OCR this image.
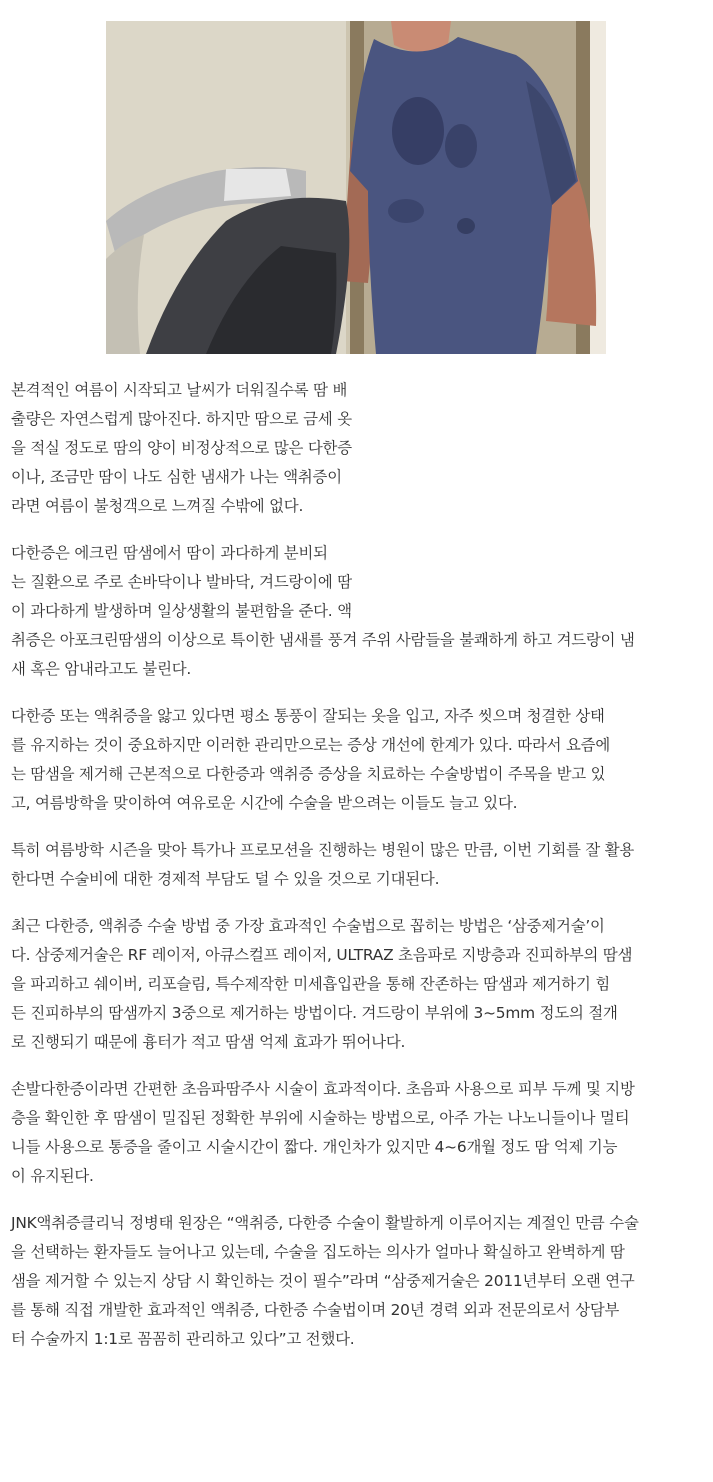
본격적인 여름이 시작되고 날씨가 더워질수록 땀 배
출량은 자연스럽게 많아진다. 하지만 땀으로 금세 옷
을 적실 정도로 땀의 양이 비정상적으로 많은 다한증
이나, 조금만 땀이 나도 심한 냄새가 나는 액취증이
라면 여름이 불청객으로 느껴질 수밖에 없다.

다한증은 에크린 땀샘에서 땀이 과다하게 분비되
는 질환으로 주로 손바닥이나 발바닥, 겨드랑이에 땀
이 과다하게 발생하며 일상생활의 불편함을 준다. 액
취증은 아포크린땀샘의 이상으로 특이한 냄새를 풍겨 주위 사람들을 불쾌하게 하고 겨드랑이 냄
새 혹은 암내라고도 불린다.

다한증 또는 액취증을 앓고 있다면 평소 통풍이 잘되는 옷을 입고, 자주 씻으며 청결한 상태
를 유지하는 것이 중요하지만 이러한 관리만으로는 증상 개선에 한계가 있다. 따라서 요즘에
는 땀샘을 제거해 근본적으로 다한증과 액취증 증상을 치료하는 수술방법이 주목을 받고 있
고, 여름방학을 맞이하여 여유로운 시간에 수술을 받으려는 이들도 늘고 있다.

특히 여름방학 시즌을 맞아 특가나 프로모션을 진행하는 병원이 많은 만큼, 이번 기회를 잘 활용
한다면 수술비에 대한 경제적 부담도 덜 수 있을 것으로 기대된다.

최근 다한증, 액취증 수술 방법 중 가장 효과적인 수술법으로 꼽히는 방법은 ‘삼중제거술’이
다. 삼중제거술은 RF 레이저, 아큐스컬프 레이저, ULTRAZ 초음파로 지방층과 진피하부의 땀샘
을 파괴하고 쉐이버, 리포슬림, 특수제작한 미세흡입관을 통해 잔존하는 땀샘과 제거하기 힘
든 진피하부의 땀샘까지 3중으로 제거하는 방법이다. 겨드랑이 부위에 3~5mm 정도의 절개
로 진행되기 때문에 흉터가 적고 땀샘 억제 효과가 뛰어나다.

손발다한증이라면 간편한 초음파땀주사 시술이 효과적이다. 초음파 사용으로 피부 두께 및 지방
층을 확인한 후 땀샘이 밀집된 정확한 부위에 시술하는 방법으로, 아주 가는 나노니들이나 멀티
니들 사용으로 통증을 줄이고 시술시간이 짧다. 개인차가 있지만 4~6개월 정도 땀 억제 기능
이 유지된다.

JNK액취증클리닉 정병태 원장은 “액취증, 다한증 수술이 활발하게 이루어지는 계절인 만큼 수술
을 선택하는 환자들도 늘어나고 있는데, 수술을 집도하는 의사가 얼마나 확실하고 완벽하게 땀
샘을 제거할 수 있는지 상담 시 확인하는 것이 필수”라며 “삼중제거술은 2011년부터 오랜 연구
를 통해 직접 개발한 효과적인 액취증, 다한증 수술법이며 20년 경력 외과 전문의로서 상담부
터 수술까지 1:1로 꼼꼼히 관리하고 있다”고 전했다.
